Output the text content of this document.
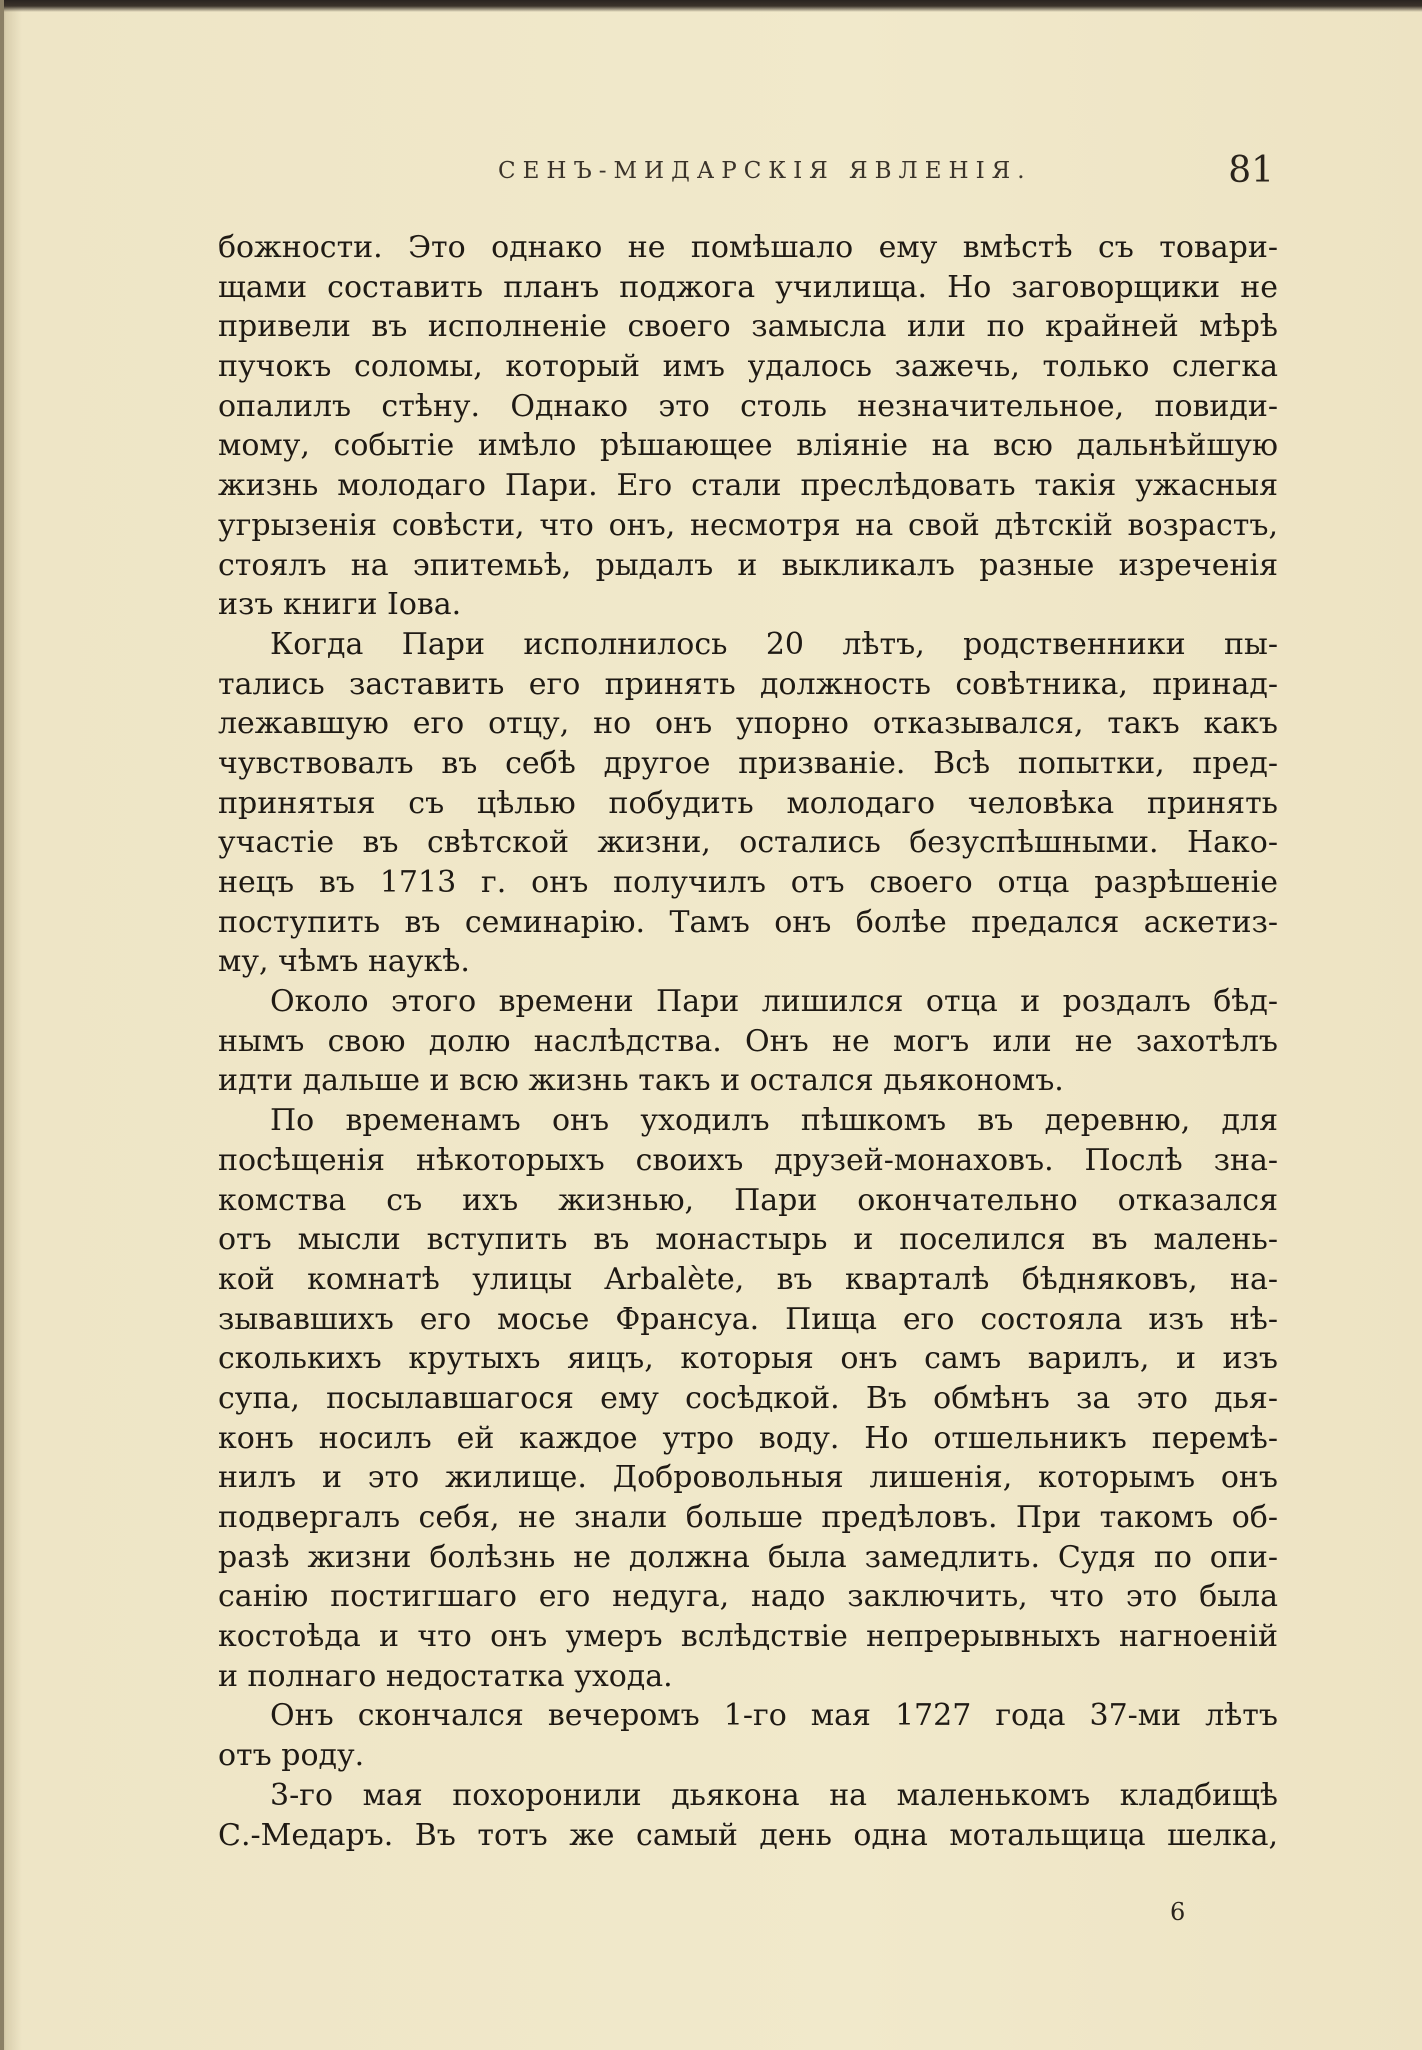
СЕНЪ-МИДАРСКІЯ ЯВЛЕНІЯ.	81
божности. Это однако не помѣшало ему вмѣстѣ съ товари-
щами составить планъ поджога училища. Но заговорщики не
привели въ исполненіе своего замысла или по крайней мѣрѣ
пучокъ соломы, который имъ удалось зажечь, только слегка
опалилъ стѣну. Однако это столь незначительное, повиди-
мому, событіе имѣло рѣшающее вліяніе на всю дальнѣйшую
жизнь молодаго Пари. Его стали преслѣдовать такія ужасныя
угрызенія совѣсти, что онъ, несмотря на свой дѣтскій возрастъ,
стоялъ на эпитемьѣ, рыдалъ и выкликалъ разные изреченія
изъ книги Іова.
Когда Пари исполнилось 20 лѣтъ, родственники пы-
тались заставить его принять должность совѣтника, принад-
лежавшую его отцу, но онъ упорно отказывался, такъ какъ
чувствовалъ въ себѣ другое призваніе. Всѣ попытки, пред-
принятыя съ цѣлью побудить молодаго человѣка принять
участіе въ свѣтской жизни, остались безуспѣшными. Нако-
нецъ въ 1713 г. онъ получилъ отъ своего отца разрѣшеніе
поступить въ семинарію. Тамъ онъ болѣе предался аскетиз-
му, чѣмъ наукѣ.
Около этого времени Пари лишился отца и роздалъ бѣд-
нымъ свою долю наслѣдства. Онъ не могъ или не захотѣлъ
идти дальше и всю жизнь такъ и остался дьякономъ.
По временамъ онъ уходилъ пѣшкомъ въ деревню, для
посѣщенія нѣкоторыхъ своихъ друзей-монаховъ. Послѣ зна-
комства съ ихъ жизнью, Пари окончательно отказался
отъ мысли вступить въ монастырь и поселился въ малень-
кой комнатѣ улицы Arbalète, въ кварталѣ бѣдняковъ, на-
зывавшихъ его мосье Франсуа. Пища его состояла изъ нѣ-
сколькихъ крутыхъ яицъ, которыя онъ самъ варилъ, и изъ
супа, посылавшагося ему сосѣдкой. Въ обмѣнъ за это дья-
конъ носилъ ей каждое утро воду. Но отшельникъ перемѣ-
нилъ и это жилище. Добровольныя лишенія, которымъ онъ
подвергалъ себя, не знали больше предѣловъ. При такомъ об-
разѣ жизни болѣзнь не должна была замедлить. Судя по опи-
санію постигшаго его недуга, надо заключить, что это была
костоѣда и что онъ умеръ вслѣдствіе непрерывныхъ нагноеній
и полнаго недостатка ухода.
Онъ скончался вечеромъ 1-го мая 1727 года 37-ми лѣтъ
отъ роду.
3-го мая похоронили дьякона на маленькомъ кладбищѣ
С.-Медаръ. Въ тотъ же самый день одна мотальщица шелка,
6
